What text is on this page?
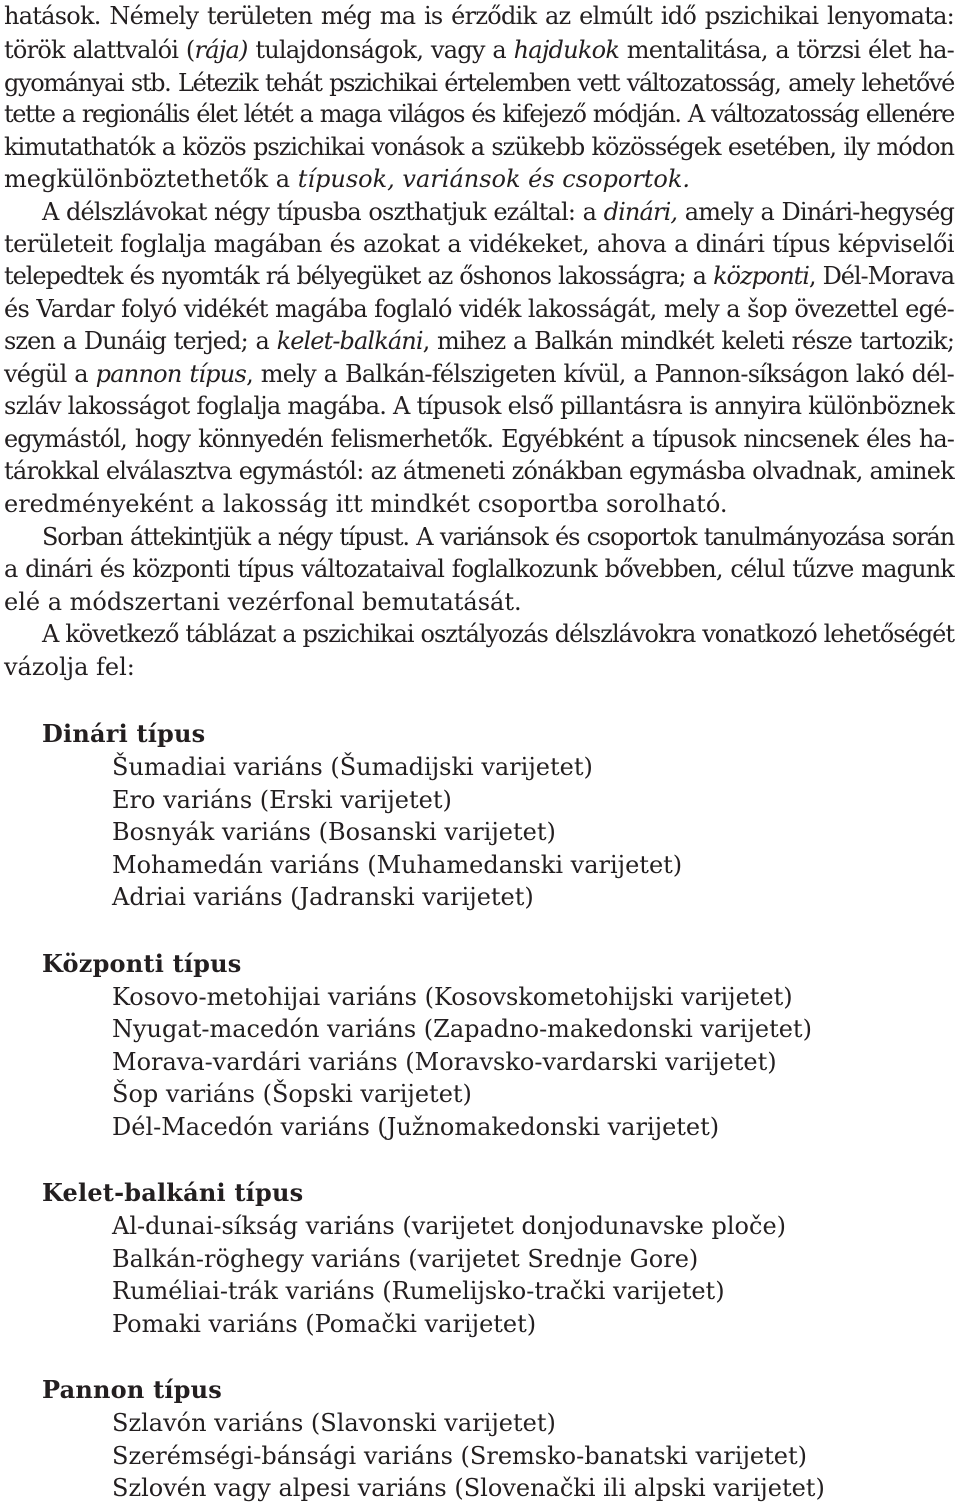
hatások. Némely területen még ma is érződik az elmúlt idő pszichikai lenyomata:
török alattvalói (rája) tulajdonságok, vagy a hajdukok mentalitása, a törzsi élet ha-
gyományai stb. Létezik tehát pszichikai értelemben vett változatosság, amely lehetővé
tette a regionális élet létét a maga világos és kifejező módján. A változatosság ellenére
kimutathatók a közös pszichikai vonások a szükebb közösségek esetében, ily módon
megkülönböztethetők a típusok, variánsok és csoportok.
A délszlávokat négy típusba oszthatjuk ezáltal: a dinári, amely a Dinári-hegység
területeit foglalja magában és azokat a vidékeket, ahova a dinári típus képviselői
telepedtek és nyomták rá bélyegüket az őshonos lakosságra; a központi, Dél-Morava
és Vardar folyó vidékét magába foglaló vidék lakosságát, mely a šop övezettel egé-
szen a Dunáig terjed; a kelet-balkáni, mihez a Balkán mindkét keleti része tartozik;
végül a pannon típus, mely a Balkán-félszigeten kívül, a Pannon-síkságon lakó dél-
szláv lakosságot foglalja magába. A típusok első pillantásra is annyira különböznek
egymástól, hogy könnyedén felismerhetők. Egyébként a típusok nincsenek éles ha-
tárokkal elválasztva egymástól: az átmeneti zónákban egymásba olvadnak, aminek
eredményeként a lakosság itt mindkét csoportba sorolható.
Sorban áttekintjük a négy típust. A variánsok és csoportok tanulmányozása során
a dinári és központi típus változataival foglalkozunk bővebben, célul tűzve magunk
elé a módszertani vezérfonal bemutatását.
A következő táblázat a pszichikai osztályozás délszlávokra vonatkozó lehetőségét
vázolja fel:
Dinári típus
Šumadiai variáns (Šumadijski varijetet)
Ero variáns (Erski varijetet)
Bosnyák variáns (Bosanski varijetet)
Mohamedán variáns (Muhamedanski varijetet)
Adriai variáns (Jadranski varijetet)
Központi típus
Kosovo-metohijai variáns (Kosovskometohijski varijetet)
Nyugat-macedón variáns (Zapadno-makedonski varijetet)
Morava-vardári variáns (Moravsko-vardarski varijetet)
Šop variáns (Šopski varijetet)
Dél-Macedón variáns (Južnomakedonski varijetet)
Kelet-balkáni típus
Al-dunai-síkság variáns (varijetet donjodunavske ploče)
Balkán-röghegy variáns (varijetet Srednje Gore)
Ruméliai-trák variáns (Rumelijsko-trački varijetet)
Pomaki variáns (Pomački varijetet)
Pannon típus
Szlavón variáns (Slavonski varijetet)
Szerémségi-bánsági variáns (Sremsko-banatski varijetet)
Szlovén vagy alpesi variáns (Slovenački ili alpski varijetet)
